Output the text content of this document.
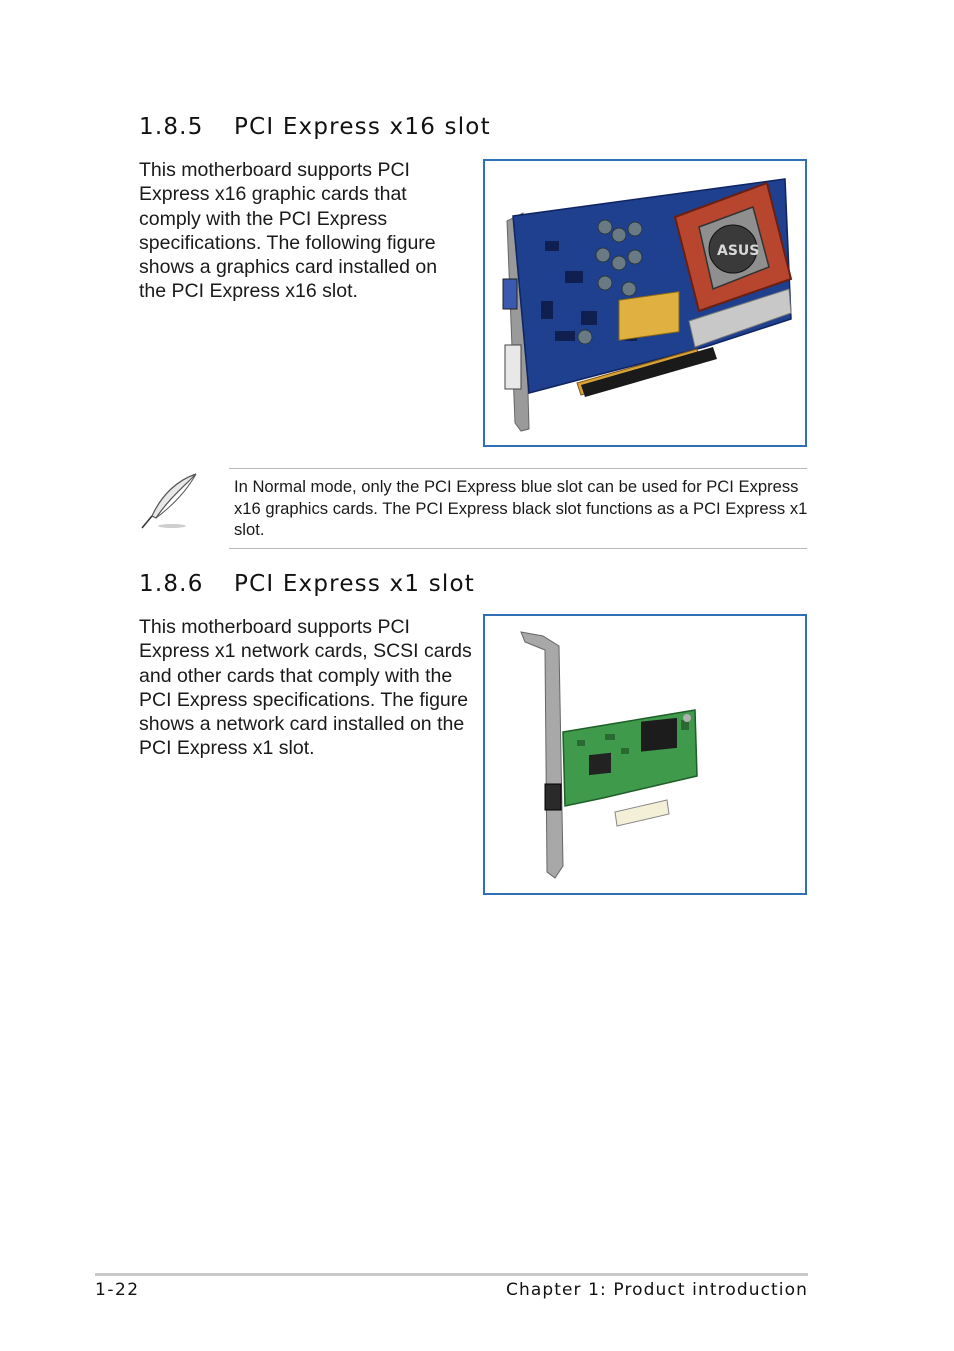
1.8.5 PCI Express x16 slot

This motherboard supports PCI Express x16 graphic cards that comply with the PCI Express specifications. The following figure shows a graphics card installed on the PCI Express x16 slot.

ASUS

In Normal mode, only the PCI Express blue slot can be used for PCI Express x16 graphics cards. The PCI Express black slot functions as a PCI Express x1 slot.

1.8.6 PCI Express x1 slot

This motherboard supports PCI Express x1 network cards, SCSI cards and other cards that comply with the PCI Express specifications. The figure shows a network card installed on the PCI Express x1 slot.

1-22	Chapter 1: Product introduction
